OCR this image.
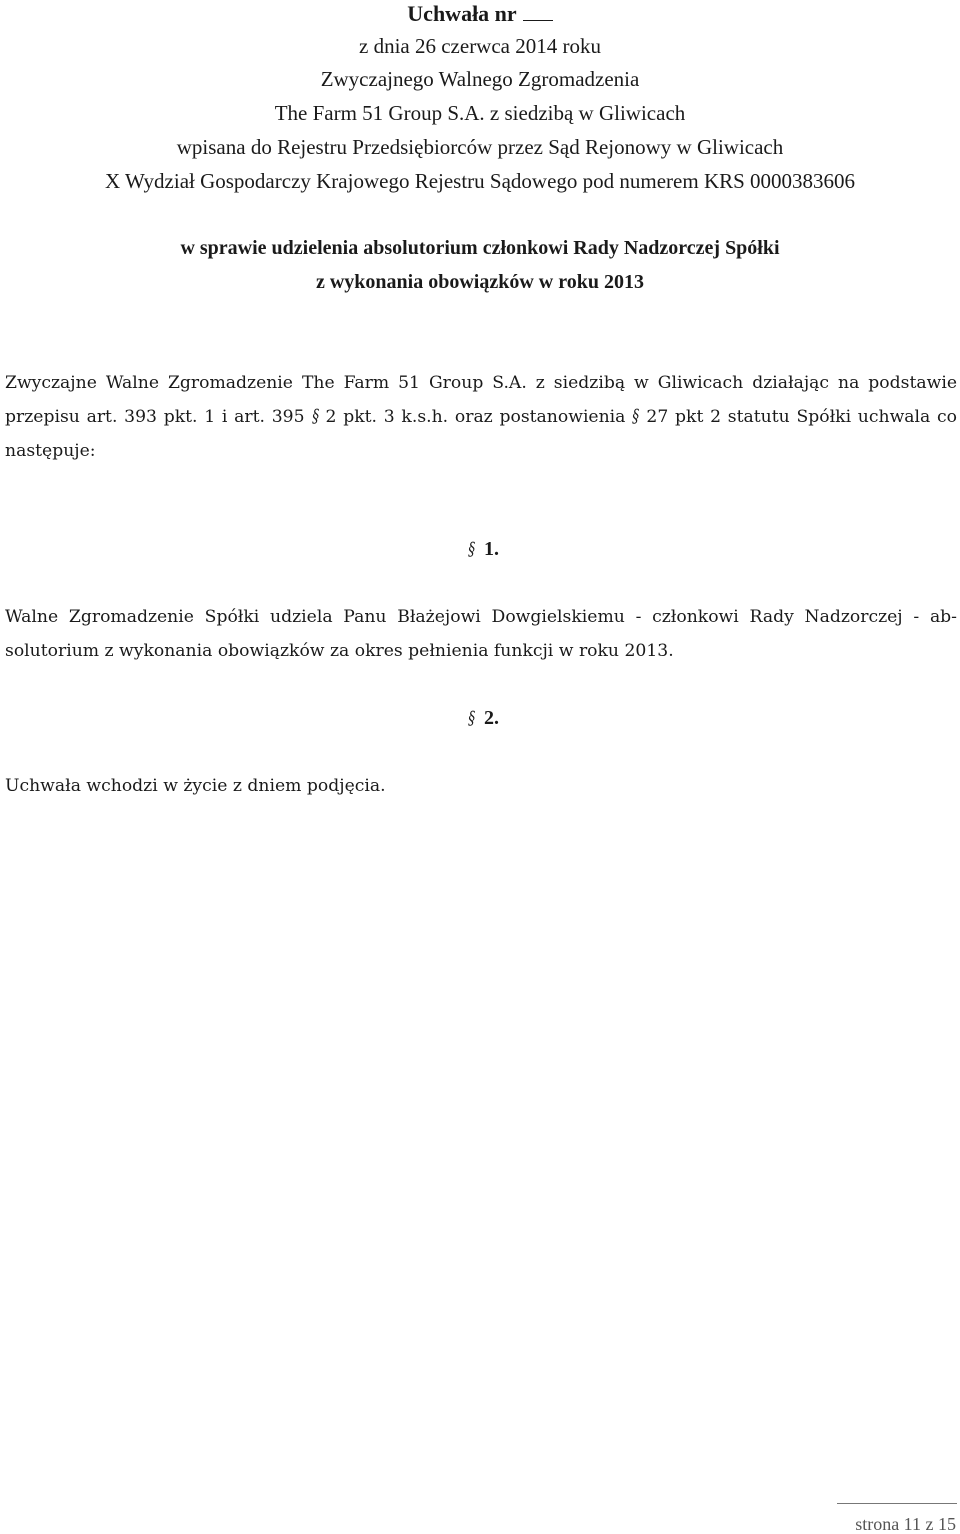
Uchwała nr
z dnia 26 czerwca 2014 roku
Zwyczajnego Walnego Zgromadzenia
The Farm 51 Group S.A. z siedzibą w Gliwicach
wpisana do Rejestru Przedsiębiorców przez Sąd Rejonowy w Gliwicach
X Wydział Gospodarczy Krajowego Rejestru Sądowego pod numerem KRS 0000383606
w sprawie udzielenia absolutorium członkowi Rady Nadzorczej Spółki
z wykonania obowiązków w roku 2013
Zwyczajne Walne Zgromadzenie The Farm 51 Group S.A. z siedzibą w Gliwicach działając na podstawie
przepisu art. 393 pkt. 1 i art. 395 § 2 pkt. 3 k.s.h. oraz postanowienia § 27 pkt 2 statutu Spółki uchwala co
następuje:
§ 1.
Walne Zgromadzenie Spółki udziela Panu Błażejowi Dowgielskiemu - członkowi Rady Nadzorczej - ab-
solutorium z wykonania obowiązków za okres pełnienia funkcji w roku 2013.
§ 2.
Uchwała wchodzi w życie z dniem podjęcia.
strona 11 z 15
